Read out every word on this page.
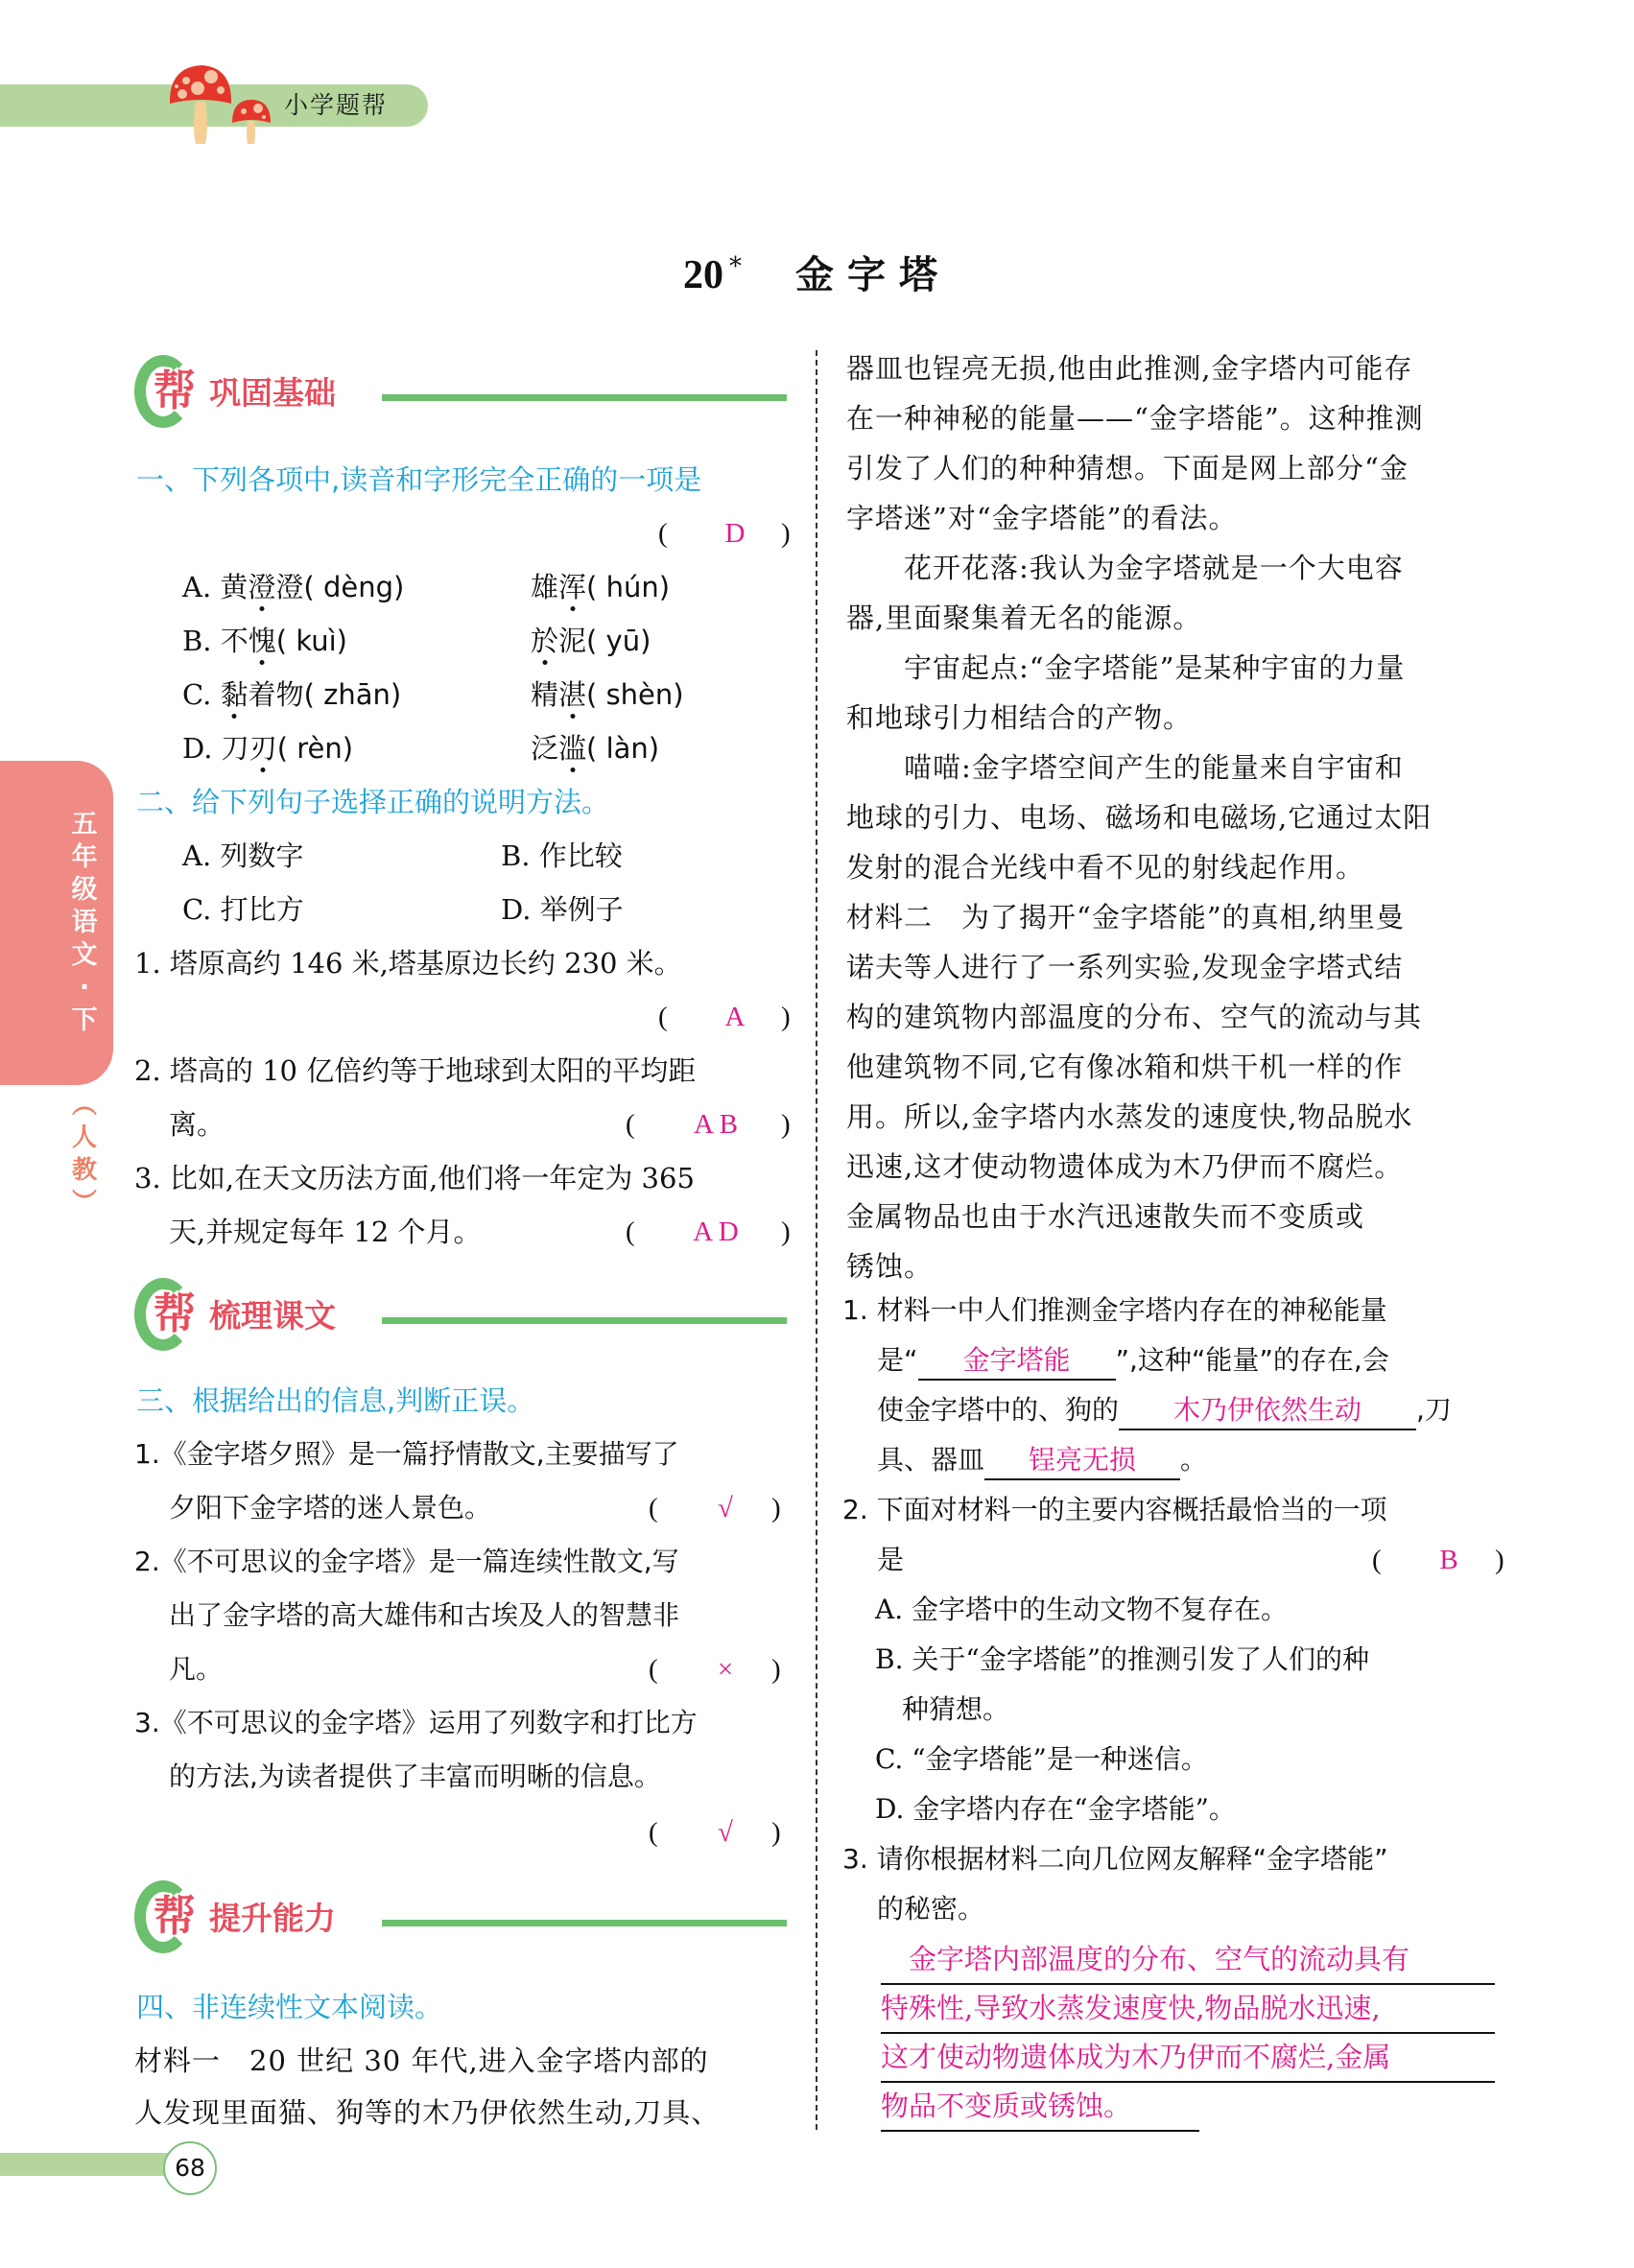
小学题帮
20 * 金字塔
五
年
级
语
文
·
下
︵
人
教
︶
帮 巩固基础
一、下列各项中,读音和字形完全正确的一项是
(	D	)
A. 黄澄澄( dèng)	雄浑( hún)
B. 不愧( kuì)	於泥( yū)
C. 黏着物( zhān)	精湛( shèn)
D. 刀刃( rèn)	泛滥( làn)
二、给下列句子选择正确的说明方法。
A. 列数字	B. 作比较
C. 打比方	D. 举例子
1. 塔原高约 146 米,塔基原边长约 230 米。
(	A	)
2. 塔高的 10 亿倍约等于地球到太阳的平均距
离。	(	A B	)
3. 比如,在天文历法方面,他们将一年定为 365
天,并规定每年 12 个月。	(	A D	)
帮 梳理课文
三、根据给出的信息,判断正误。
1.《金字塔夕照》是一篇抒情散文,主要描写了
夕阳下金字塔的迷人景色。	(	√	)
2.《不可思议的金字塔》是一篇连续性散文,写
出了金字塔的高大雄伟和古埃及人的智慧非
凡。	(	×	)
3.《不可思议的金字塔》运用了列数字和打比方
的方法,为读者提供了丰富而明晰的信息。
(	√	)
帮 提升能力
四、非连续性文本阅读。
材料一　20 世纪 30 年代,进入金字塔内部的
人发现里面猫、狗等的木乃伊依然生动,刀具、
器皿也锃亮无损,他由此推测,金字塔内可能存
在一种神秘的能量——“金字塔能”。这种推测
引发了人们的种种猜想。下面是网上部分“金
字塔迷”对“金字塔能”的看法。
　　花开花落:我认为金字塔就是一个大电容
器,里面聚集着无名的能源。
　　宇宙起点:“金字塔能”是某种宇宙的力量
和地球引力相结合的产物。
　　喵喵:金字塔空间产生的能量来自宇宙和
地球的引力、电场、磁场和电磁场,它通过太阳
发射的混合光线中看不见的射线起作用。
材料二　为了揭开“金字塔能”的真相,纳里曼
诺夫等人进行了一系列实验,发现金字塔式结
构的建筑物内部温度的分布、空气的流动与其
他建筑物不同,它有像冰箱和烘干机一样的作
用。所以,金字塔内水蒸发的速度快,物品脱水
迅速,这才使动物遗体成为木乃伊而不腐烂。
金属物品也由于水汽迅速散失而不变质或
锈蚀。
1. 材料一中人们推测金字塔内存在的神秘能量
是“ 金字塔能 ”,这种“能量”的存在,会
使金字塔中的、狗的 木乃伊依然生动 ,刀
具、器皿 锃亮无损 。
2. 下面对材料一的主要内容概括最恰当的一项
是	(	B	)
A. 金字塔中的生动文物不复存在。
B. 关于“金字塔能”的推测引发了人们的种
　种猜想。
C. “金字塔能”是一种迷信。
D. 金字塔内存在“金字塔能”。
3. 请你根据材料二向几位网友解释“金字塔能”
的秘密。
　金字塔内部温度的分布、空气的流动具有
特殊性,导致水蒸发速度快,物品脱水迅速,
这才使动物遗体成为木乃伊而不腐烂,金属
物品不变质或锈蚀。
68
